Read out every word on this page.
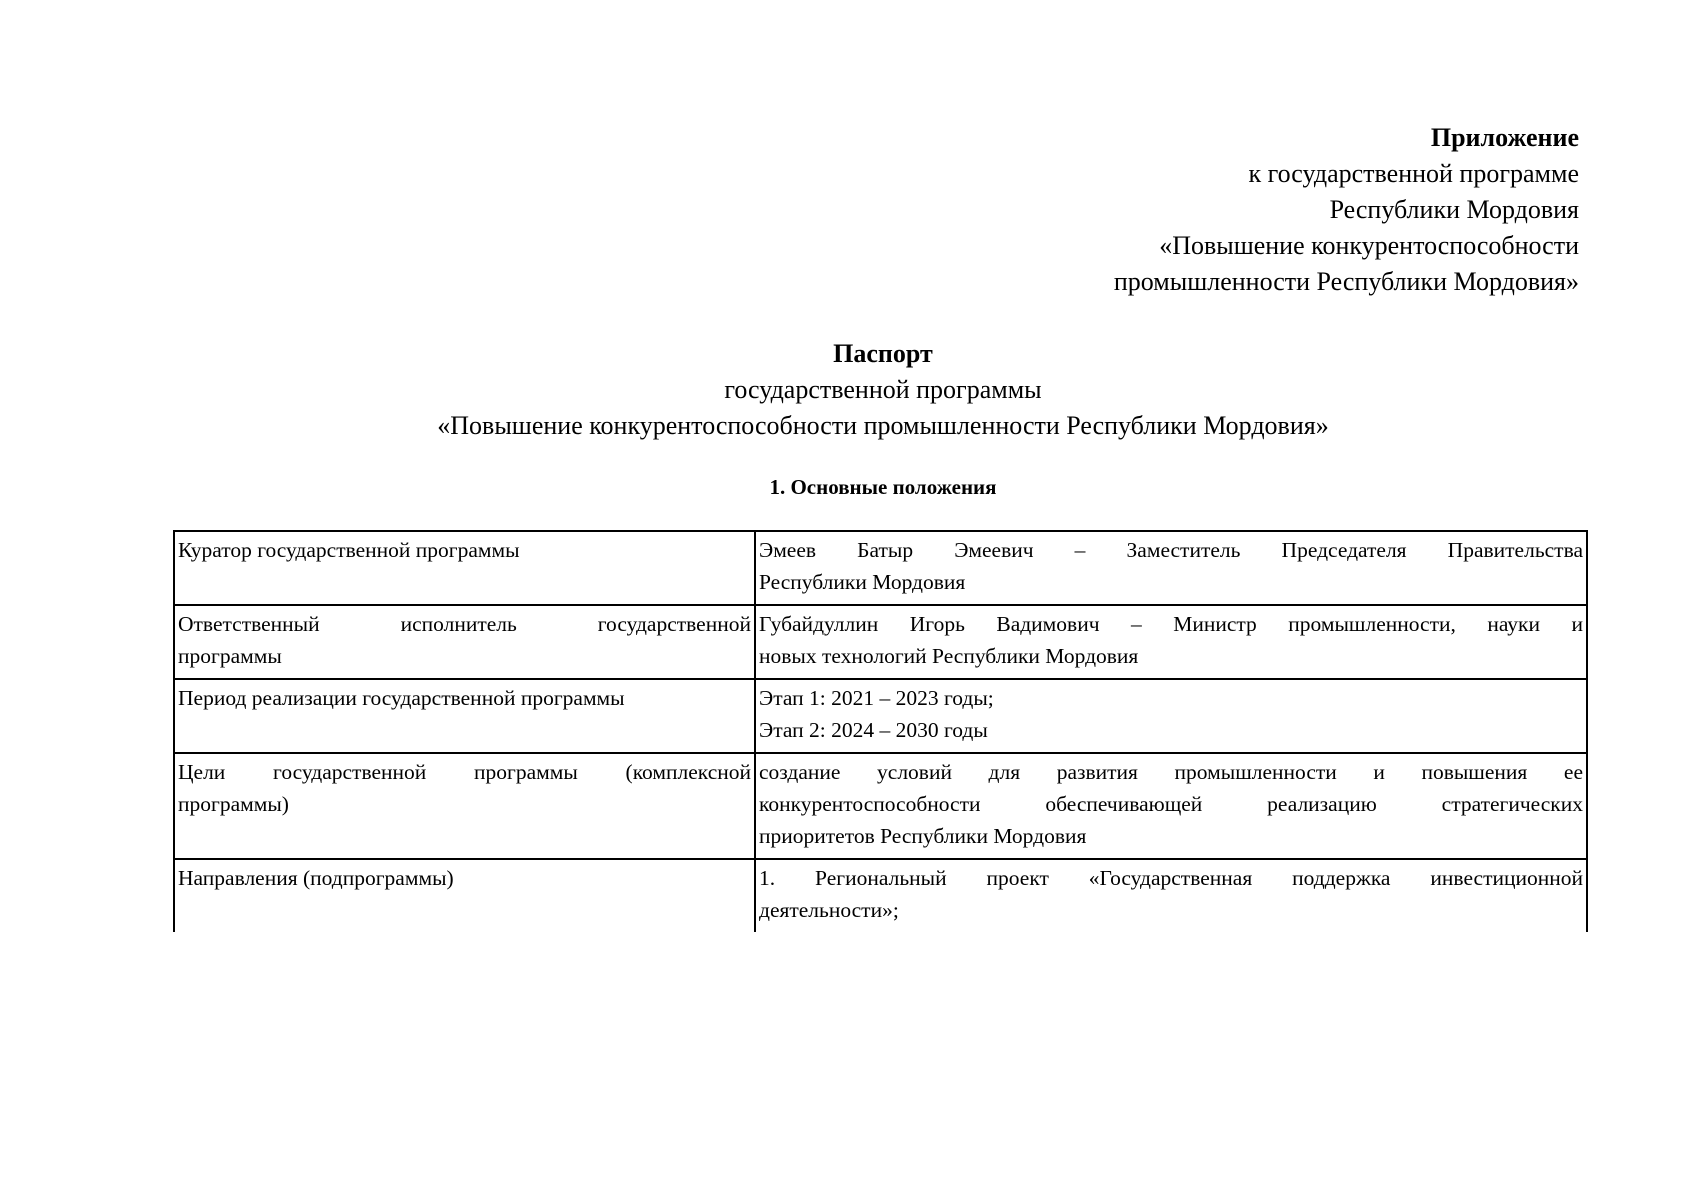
Приложение
к государственной программе
Республики Мордовия
«Повышение конкурентоспособности
промышленности Республики Мордовия»
Паспорт
государственной программы
«Повышение конкурентоспособности промышленности Республики Мордовия»
1. Основные положения
Куратор государственной программы	Эмеев Батыр Эмеевич – Заместитель Председателя Правительства
Республики Мордовия

Ответственный исполнитель государственной
программы	Губайдуллин Игорь Вадимович – Министр промышленности, науки и
новых технологий Республики Мордовия

Период реализации государственной программы	Этап 1: 2021 – 2023 годы;
Этап 2: 2024 – 2030 годы

Цели государственной программы (комплексной
программы)	создание условий для развития промышленности и повышения ее
конкурентоспособности обеспечивающей реализацию стратегических
приоритетов Республики Мордовия

Направления (подпрограммы)	1. Региональный проект «Государственная поддержка инвестиционной
деятельности»;
